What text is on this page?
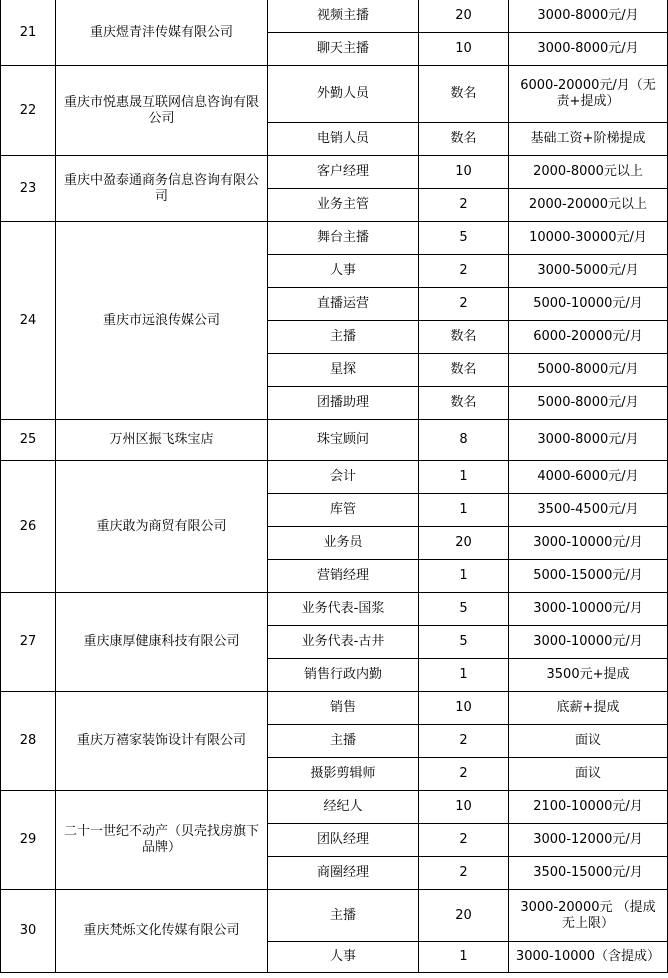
21	重庆煜青沣传媒有限公司	视频主播	20	3000-8000元/月
		聊天主播	10	3000-8000元/月
22	重庆市悦惠晟互联网信息咨询有限公司	外勤人员	数名	6000-20000元/月（无责+提成）
		电销人员	数名	基础工资+阶梯提成
23	重庆中盈泰通商务信息咨询有限公司	客户经理	10	2000-8000元以上
		业务主管	2	2000-20000元以上
24	重庆市远浪传媒公司	舞台主播	5	10000-30000元/月
		人事	2	3000-5000元/月
		直播运营	2	5000-10000元/月
		主播	数名	6000-20000元/月
		星探	数名	5000-8000元/月
		团播助理	数名	5000-8000元/月
25	万州区振飞珠宝店	珠宝顾问	8	3000-8000元/月
26	重庆敢为商贸有限公司	会计	1	4000-6000元/月
		库管	1	3500-4500元/月
		业务员	20	3000-10000元/月
		营销经理	1	5000-15000元/月
27	重庆康厚健康科技有限公司	业务代表-国浆	5	3000-10000元/月
		业务代表-古井	5	3000-10000元/月
		销售行政内勤	1	3500元+提成
28	重庆万禧家装饰设计有限公司	销售	10	底薪+提成
		主播	2	面议
		摄影剪辑师	2	面议
29	二十一世纪不动产（贝壳找房旗下品牌）	经纪人	10	2100-10000元/月
		团队经理	2	3000-12000元/月
		商圈经理	2	3500-15000元/月
30	重庆梵烁文化传媒有限公司	主播	20	3000-20000元 （提成无上限）
		人事	1	3000-10000（含提成）
